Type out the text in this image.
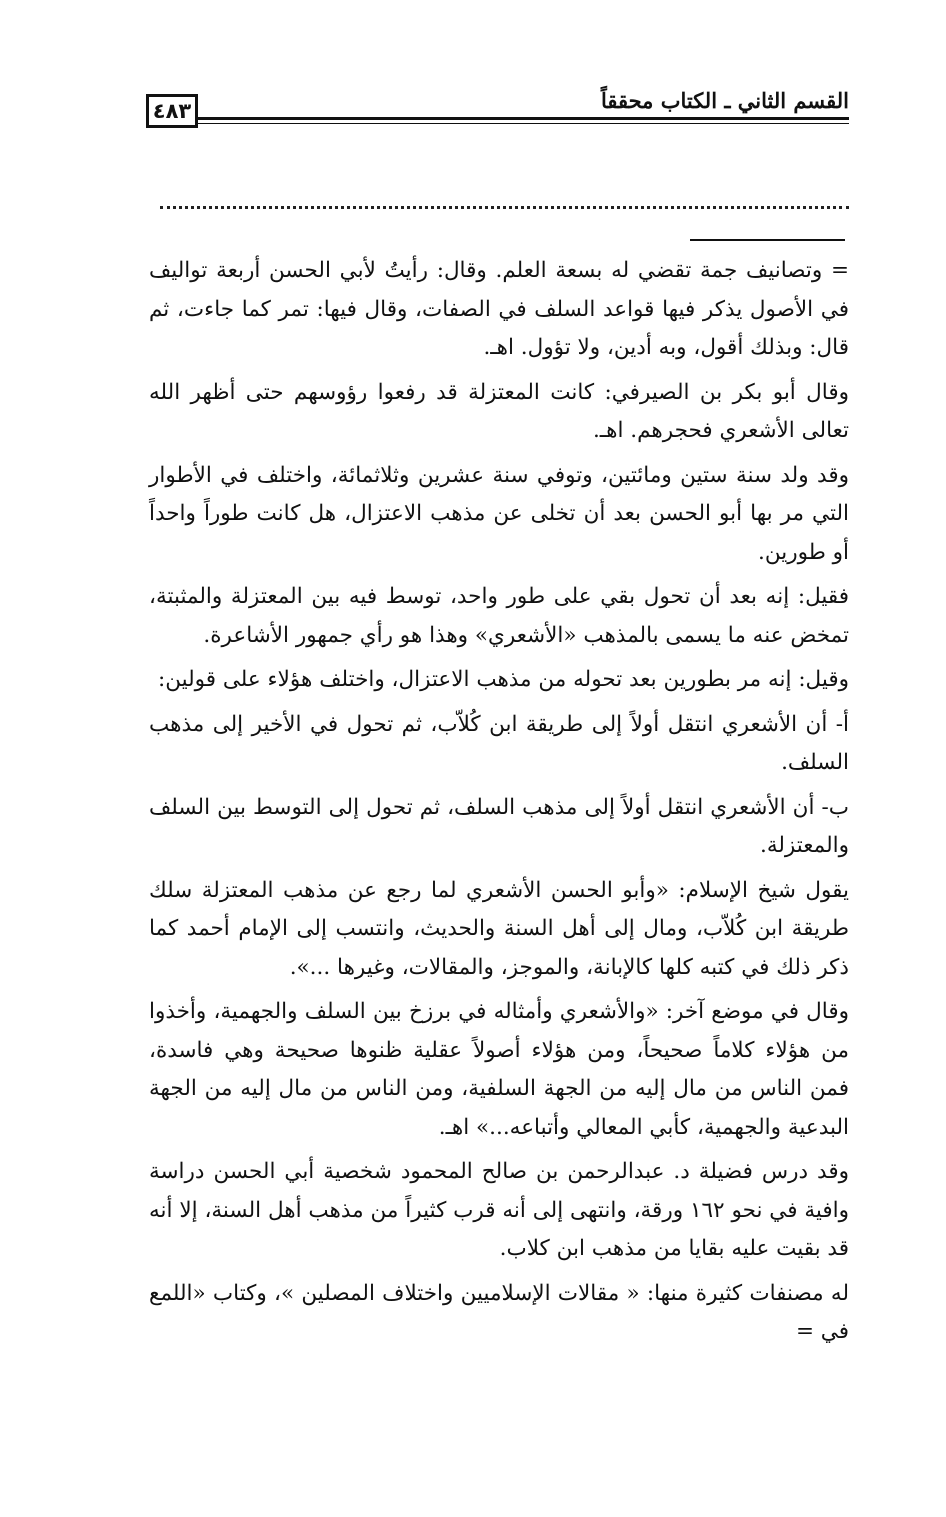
القسم الثاني ـ الكتاب محققاً
٤٨٣

= وتصانيف جمة تقضي له بسعة العلم. وقال: رأيتُ لأبي الحسن أربعة تواليف في الأصول يذكر فيها قواعد السلف في الصفات، وقال فيها: تمر كما جاءت، ثم قال: وبذلك أقول، وبه أدين، ولا تؤول. اهـ.

وقال أبو بكر بن الصيرفي: كانت المعتزلة قد رفعوا رؤوسهم حتى أظهر الله تعالى الأشعري فحجرهم. اهـ.

وقد ولد سنة ستين ومائتين، وتوفي سنة عشرين وثلاثمائة، واختلف في الأطوار التي مر بها أبو الحسن بعد أن تخلى عن مذهب الاعتزال، هل كانت طوراً واحداً أو طورين.

فقيل: إنه بعد أن تحول بقي على طور واحد، توسط فيه بين المعتزلة والمثبتة، تمخض عنه ما يسمى بالمذهب «الأشعري» وهذا هو رأي جمهور الأشاعرة.

وقيل: إنه مر بطورين بعد تحوله من مذهب الاعتزال، واختلف هؤلاء على قولين:

أ- أن الأشعري انتقل أولاً إلى طريقة ابن كُلاّب، ثم تحول في الأخير إلى مذهب السلف.

ب- أن الأشعري انتقل أولاً إلى مذهب السلف، ثم تحول إلى التوسط بين السلف والمعتزلة.

يقول شيخ الإسلام: «وأبو الحسن الأشعري لما رجع عن مذهب المعتزلة سلك طريقة ابن كُلاّب، ومال إلى أهل السنة والحديث، وانتسب إلى الإمام أحمد كما ذكر ذلك في كتبه كلها كالإبانة، والموجز، والمقالات، وغيرها ...».

وقال في موضع آخر: «والأشعري وأمثاله في برزخ بين السلف والجهمية، وأخذوا من هؤلاء كلاماً صحيحاً، ومن هؤلاء أصولاً عقلية ظنوها صحيحة وهي فاسدة، فمن الناس من مال إليه من الجهة السلفية، ومن الناس من مال إليه من الجهة البدعية والجهمية، كأبي المعالي وأتباعه...» اهـ.

وقد درس فضيلة د. عبدالرحمن بن صالح المحمود شخصية أبي الحسن دراسة وافية في نحو ١٦٢ ورقة، وانتهى إلى أنه قرب كثيراً من مذهب أهل السنة، إلا أنه قد بقيت عليه بقايا من مذهب ابن كلاب.

له مصنفات كثيرة منها: « مقالات الإسلاميين واختلاف المصلين »، وكتاب «اللمع في =
